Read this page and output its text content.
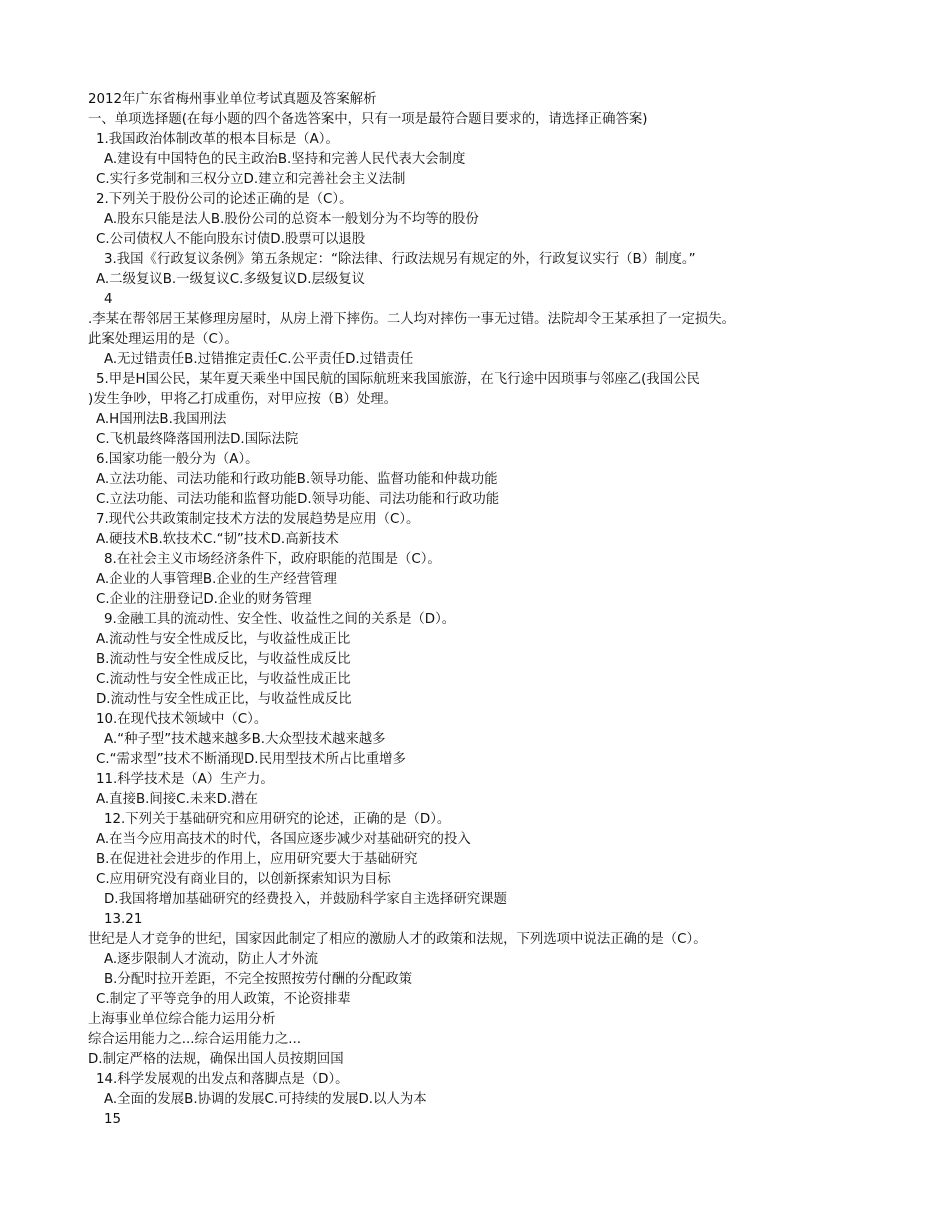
2012年广东省梅州事业单位考试真题及答案解析
一、单项选择题(在每小题的四个备选答案中，只有一项是最符合题目要求的，请选择正确答案)
1.我国政治体制改革的根本目标是（A）。
A.建设有中国特色的民主政治B.坚持和完善人民代表大会制度
C.实行多党制和三权分立D.建立和完善社会主义法制
2.下列关于股份公司的论述正确的是（C）。
A.股东只能是法人B.股份公司的总资本一般划分为不均等的股份
C.公司债权人不能向股东讨债D.股票可以退股
3.我国《行政复议条例》第五条规定：“除法律、行政法规另有规定的外，行政复议实行（B）制度。”
A.二级复议B.一级复议C.多级复议D.层级复议
4
.李某在帮邻居王某修理房屋时，从房上滑下摔伤。二人均对摔伤一事无过错。法院却令王某承担了一定损失。
此案处理运用的是（C）。
A.无过错责任B.过错推定责任C.公平责任D.过错责任
5.甲是H国公民，某年夏天乘坐中国民航的国际航班来我国旅游，在飞行途中因琐事与邻座乙(我国公民
)发生争吵，甲将乙打成重伤，对甲应按（B）处理。
A.H国刑法B.我国刑法
C.飞机最终降落国刑法D.国际法院
6.国家功能一般分为（A）。
A.立法功能、司法功能和行政功能B.领导功能、监督功能和仲裁功能
C.立法功能、司法功能和监督功能D.领导功能、司法功能和行政功能
7.现代公共政策制定技术方法的发展趋势是应用（C）。
A.硬技术B.软技术C.“韧”技术D.高新技术
8.在社会主义市场经济条件下，政府职能的范围是（C）。
A.企业的人事管理B.企业的生产经营管理
C.企业的注册登记D.企业的财务管理
9.金融工具的流动性、安全性、收益性之间的关系是（D）。
A.流动性与安全性成反比，与收益性成正比
B.流动性与安全性成反比，与收益性成反比
C.流动性与安全性成正比，与收益性成正比
D.流动性与安全性成正比，与收益性成反比
10.在现代技术领域中（C）。
A.“种子型”技术越来越多B.大众型技术越来越多
C.“需求型”技术不断涌现D.民用型技术所占比重增多
11.科学技术是（A）生产力。
A.直接B.间接C.未来D.潜在
12.下列关于基础研究和应用研究的论述，正确的是（D）。
A.在当今应用高技术的时代，各国应逐步减少对基础研究的投入
B.在促进社会进步的作用上，应用研究要大于基础研究
C.应用研究没有商业目的，以创新探索知识为目标
D.我国将增加基础研究的经费投入，并鼓励科学家自主选择研究课题
13.21
世纪是人才竞争的世纪，国家因此制定了相应的激励人才的政策和法规，下列选项中说法正确的是（C）。
A.逐步限制人才流动，防止人才外流
B.分配时拉开差距，不完全按照按劳付酬的分配政策
C.制定了平等竞争的用人政策，不论资排辈
上海事业单位综合能力运用分析
综合运用能力之...综合运用能力之...
D.制定严格的法规，确保出国人员按期回国
14.科学发展观的出发点和落脚点是（D）。
A.全面的发展B.协调的发展C.可持续的发展D.以人为本
15
